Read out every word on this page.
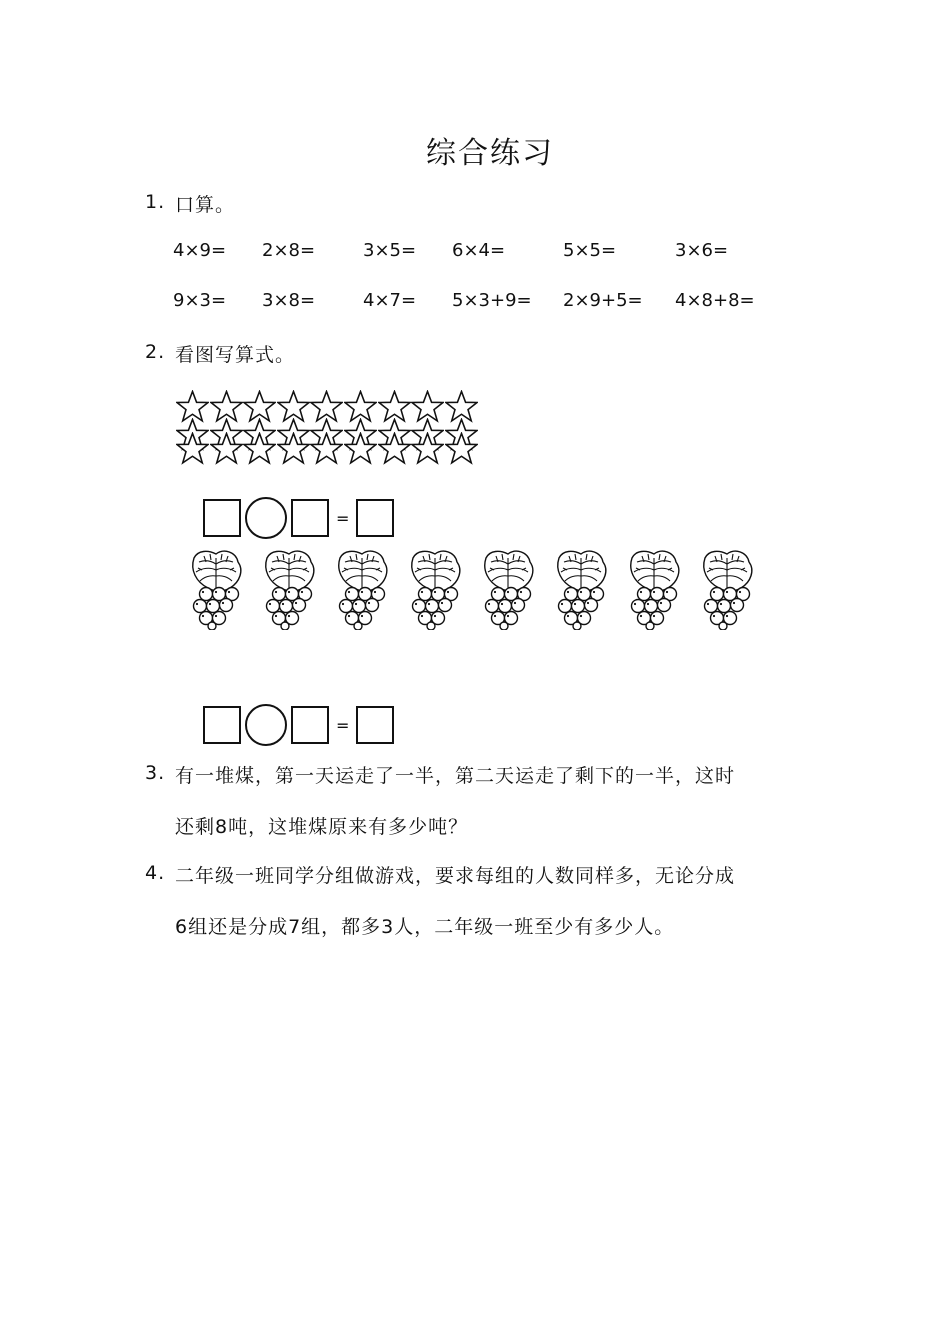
综合练习
1. 口算。
4×9= 2×8=	3×5= 6×4=	5×5=	3×6=
9×3= 3×8=	4×7= 5×3+9= 2×9+5= 4×8+8=
2. 看图写算式。
=
=
3. 有一堆煤，第一天运走了一半，第二天运走了剩下的一半，这时
还剩8吨，这堆煤原来有多少吨？
4. 二年级一班同学分组做游戏，要求每组的人数同样多，无论分成
6组还是分成7组，都多3人，二年级一班至少有多少人。
